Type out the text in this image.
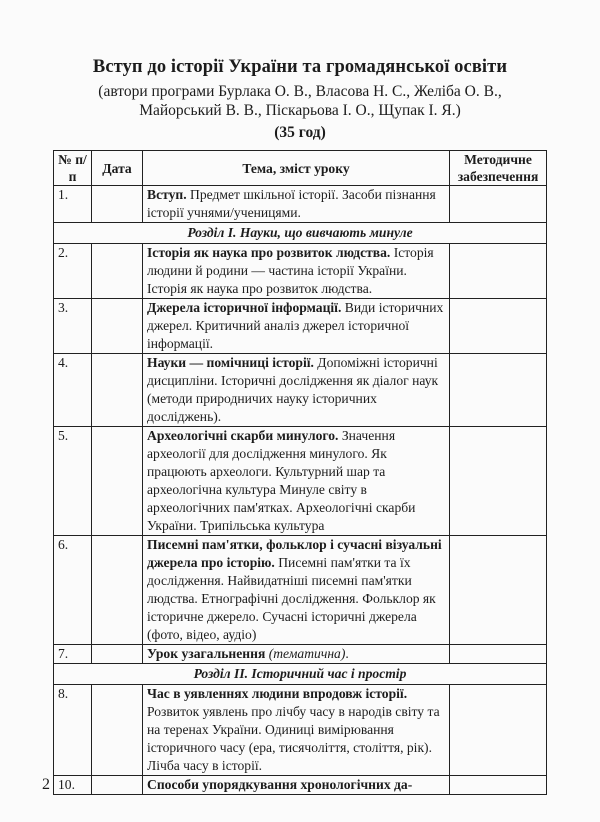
Вступ до історії України та громадянської освіти
(автори програми Бурлака О. В., Власова Н. С., Желіба О. В., Майорський В. В., Піскарьова І. О., Щупак І. Я.)
(35 год)
№ п/п	Дата	Тема, зміст уроку	Методичне забезпечення
1.		Вступ. Предмет шкільної історії. Засоби пізнання історії учнями/ученицями.	
Розділ І. Науки, що вивчають минуле			
2.		Історія як наука про розвиток людства. Історія людини й родини — частина історії України. Історія як наука про розвиток людства.	
3.		Джерела історичної інформації. Види історичних джерел. Критичний аналіз джерел історичної інформації.	
4.		Науки — помічниці історії. Допоміжні історичні дисципліни. Історичні дослідження як діалог наук (методи природничих науку історичних досліджень).	
5.		Археологічні скарби минулого. Значення археології для дослідження минулого. Як працюють археологи. Культурний шар та археологічна культура Минуле світу в археологічних пам'ятках. Археологічні скарби України. Трипільська культура	
6.		Писемні пам'ятки, фольклор і сучасні візуальні джерела про історію. Писемні пам'ятки та їх дослідження. Найвидатніші писемні пам'ятки людства. Етнографічні дослідження. Фольклор як історичне джерело. Сучасні історичні джерела (фото, відео, аудіо)	
7.		Урок узагальнення (тематична).	
Розділ ІІ. Історичний час і простір			
8.		Час в уявленнях людини впродовж історії. Розвиток уявлень про лічбу часу в народів світу та на теренах України. Одиниці вимірювання історичного часу (ера, тисячоліття, століття, рік). Лічба часу в історії.	
10.		Способи упорядкування хронологічних да-	
2
